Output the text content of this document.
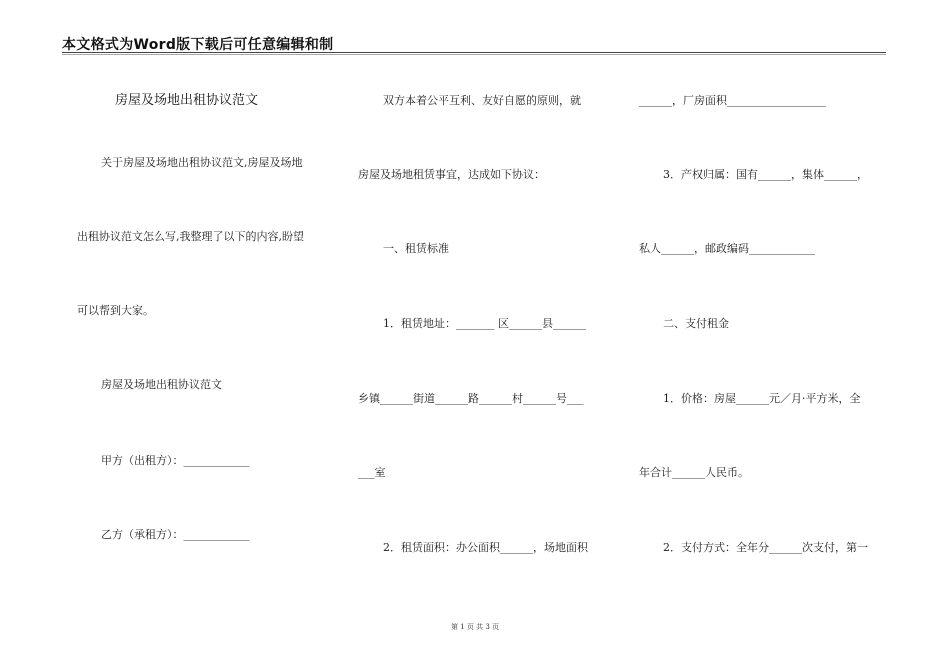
本文格式为Word版下载后可任意编辑和制

房屋及场地出租协议范文

关于房屋及场地出租协议范文,房屋及场地

出租协议范文怎么写,我整理了以下的内容,盼望

可以帮到大家。

房屋及场地出租协议范文

甲方（出租方）：____________

乙方（承租方）：____________

双方本着公平互利、友好自愿的原则，就

房屋及场地租赁事宜，达成如下协议：

一、租赁标准

1．租赁地址：_______ 区______县______

乡镇______街道______路______村______号___

___室

2．租赁面积：办公面积______，场地面积

______，厂房面积__________________

3．产权归属：国有______，集体______，

私人______，邮政编码____________

二、支付租金

1．价格：房屋______元／月·平方米，全

年合计______人民币。

2．支付方式：全年分______次支付，第一

第 1 页 共 3 页
